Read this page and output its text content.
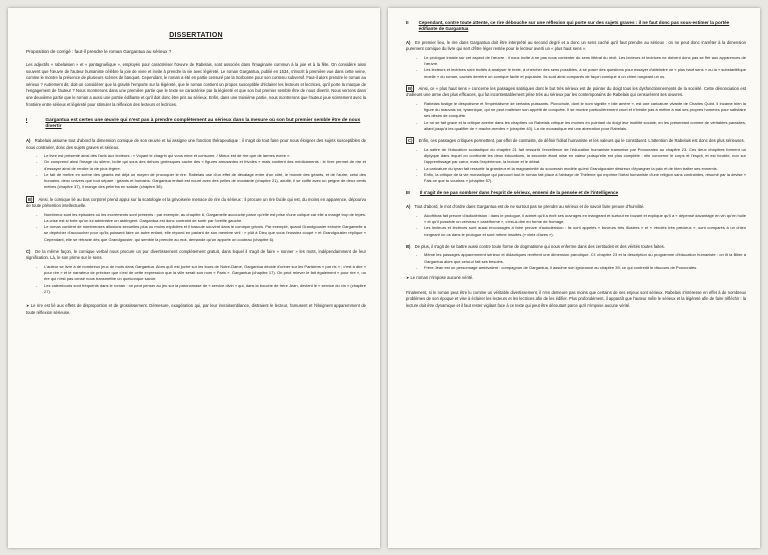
DISSERTATION
Proposition de corrigé : faut-il prendre le roman Gargantua au sérieux ?
Les adjectifs « rabelaisien » et « pantagruélique », employés pour caractériser l'œuvre de Rabelais, sont associés dans l'imaginaire commun à la joie et à la fête. On considère ainsi souvent que l'œuvre de l'auteur humaniste célèbre la joie de vivre et invite à prendre la vie avec légèreté. Le roman Gargantua, publié en 1534, s'inscrit à première vue dans cette veine, comme le montre la présence de plusieurs scènes de banquet. Cependant, le roman a été en partie censuré par la Sorbonne pour son contenu subversif. Faut-il alors prendre le roman au sérieux ? Autrement dit, doit-on considérer que la gravité l'emporte sur la légèreté, que le roman contient un propos susceptible d'éclairer les lecteurs et lectrices, qu'il porte la marque de l'engagement de l'auteur ? Nous montrerons dans une première partie que le texte se caractérise par la légèreté et que son but premier semble être de nous divertir. Nous verrons dans une deuxième partie que le roman a aussi une portée édifiante et qu'il doit donc être pris au sérieux. Enfin, dans une troisième partie, nous montrerons que l'auteur joue scintement avec la frontière entre sérieux et légèreté pour stimuler la réflexion des lecteurs et lectrices.
I	Gargantua est certes une œuvre qui n'est pas à prendre complètement au sérieux dans la mesure où son but premier semble être de nous divertir
A) Rabelais assume tout d'abord la dimension comique de son œuvre et lui assigne une fonction thérapeutique : il s'agit de tout faire pour nous éloigner des sujets susceptibles de nous contrarier, donc des sujets graves et sérieux.
- Le livre est présenté ainsi dès l'avis aux lecteurs : « Voyant le chagrin qui vous mine et consume, / Mieux est de rire que de larmes écrire ».
- On comprend ainsi l'image du silène, boîte qui sous des dehors grotesques cache des « figures amusantes et frivoles » mais contient des médicaments : le livre permet de rire et d'essayer ainsi de rendre la vie plus légère.
- Le fait de mettre en scène des géants est déjà un moyen de provoquer le rire. Rabelais use d'un effet de décalage entre d'un côté, le monde des géants, et de l'autre, celui des humains, deux univers que tout sépare : géants et humains. Gargantua enfant est nourri avec des pelles de moutarde (chapitre 21), adulte, il se coiffe avec un peigne de deux cents mètres (chapitre 37), il mange des pèlerins en salade (chapitre 38).
B) Ainsi, le comique lié au bas corporel prend appui sur la scatologie et la grivoiserie menace de rire du sérieux : il procure un rire facile qui est, du moins en apparence, dépourvu de toute prétention intellectuelle.
- Nombreux sont les épisodes où les excréments sont présents : par exemple, au chapitre 6, Gargamelle accouche parce qu'elle est prise d'une colique car elle a mangé trop de tripes. La crise est si forte qu'on lui administre un astringent. Gargantua est donc contraint de sortir par l'oreille gauche.
- Le roman contient de nombreuses allusions sexuelles plus ou moins explicites et il bascule souvent dans le comique grivois. Par exemple, quand Grandgousier exhorte Gargamelle à se dépêcher d'accoucher pour qu'ils puissent faire un autre enfant, elle répond en parlant de son membre viril : « plût à Dieu que vous l'eussiez coupé » et Grandgousier réplique « Cependant, elle se rétracte dès que Grandgousier, qui semble la prendre au mot, demande qu'on apporte un couteau (chapitre 6).
C) De la même façon, le comique verbal nous procure un pur divertissement complètement gratuit, dans lequel il s'agit de faire « sonner » les mots, indépendamment de leur signification. Là, le son prime sur le sens.
- L'auteur se livre à de nombreux jeux de mots dans Gargantua. Alors qu'il est juché sur les tours de Notre-Dame, Gargantua décide d'uriner sur les Parisiens « par ris » ; c'est à dire « pour rire » et le narrateur de préciser que c'est de cette expression que la ville serait son nom « Paris ». Gargantua (chapitre 17). On peut relever le fait également « pour rire », un rire qui n'est pas censé nous transmettre un quelconque savoir.
- Les calembours sont fréquents dans le roman : on peut penser au jeu sur la paronomase de « service divin » qui, dans la bouche de frère Jean, devient le « service du vin » (chapitre 27).
➤ Le rire est lié aux effets de disproportion et de grossissement. Démesure, exagération qui, par leur invraisemblance, distraient le lecteur, l'amusent et l'éloignent apparemment de toute réflexion sérieuse.
II Cependant, contre toute attente, ce rire débouche sur une réflexion qui porte sur des sujets graves : il ne faut donc pas sous-estimer la portée édifiante de Gargantua
A) En premier lieu, le rire dans Gargantua doit être interprété au second degré et a donc un sens caché qu'il faut prendre au sérieux : on ne peut donc s'arrêter à la dimension purement comique du livre qui sert d'être léger restée pour le lecteur averti un « plus haut sens ».
- Le prologue insiste sur cet aspect de l'œuvre : il nous invite à ne pas nous contenter du sens littéral du récit. Les lecteurs et lectrices ne doivent donc pas se fier aux apparences de l'œuvre.
- Les lecteurs et lectrices sont invités à analyser le texte, à chercher des sens possibles, à se poser des questions pour essayer d'atteindre ce « plus haut sens » ou la « substantifique moelle » du roman, cachés derrière un comique facile et populaire. Ils sont ainsi comparés de façon comique à un chien rongeant un os.
B) Ainsi, ce « plus haut sens » concerne les passages satiriques dont le but très sérieux est de pointer du doigt tous les dysfonctionnements de la société. Cette dénonciation est d'ailleurs une arme des plus efficaces, qui fut incontestablement prise très au sérieux par les contemporains de Rabelais qui censurèrent ses œuvres.
- Rabelais fustige le despotisme et l'impérialisme de certains puissants. Picrochole, dont le nom signifie « bile amère », est une caricature vivante de Charles Quint. Il incarne bien la figure du mauvais roi, tyrannique, qui ne peut maîtriser son appétit de conquête. Il se montre particulièrement cruel et n'hésite pas à mettre à mal ses propres hommes pour satisfaire ses désirs de conquête.
- Le roi se fait grave et la critique acerbe dans les chapitres où Rabelais critique les moines en pointant du doigt leur inutilité sociale, en les présentant comme de véritables parasites, aliant jusqu'à les qualifier de « mache-merdes » (chapitre 40). La vie monastique est une aberration pour Rabelais.
C) Enfin, ces passages critiques permettent, par effet de contraste, de définir l'idéal humaniste et les valeurs qui le constituent. L'attention de Rabelais est donc des plus sérieuses.
- La satire de l'éducation scolastique du chapitre 21 fait ressortir l'excellence de l'éducation humaniste transmise par Ponocrates au chapitre 23. Ces deux chapitres forment un diptyque dans lequel on confronte les deux éducations, la seconde étant mise en valeur puisqu'elle est plus complète : elle concerne le corps et l'esprit, et est fondée, non sur l'apprentissage par cœur, mais l'expérience, la lecture et le débat.
- La caricature du tyran fait ressortir la grandeur et la magnanimité du souverain modèle qu'est Grandgousier désireux d'épargner la paix et de bien traiter ses ennemis.
- Enfin, la critique de la vie monastique qui parcourt tout le roman fait place à l'abbaye de Thélème qui exprime l'idéal humaniste d'une religion sans contraintes, résumé par la devise « Fais ce que tu voudras » (chapitre 57).
III Il s'agit de ne pas sombrer dans l'esprit de sérieux, ennemi de la pensée et de l'intelligence
A) Tout d'abord, le mot d'ordre dans Gargantua est de ne surtout pas se prendre au sérieux et de savoir faire preuve d'humilité.
- Alcofribas fait preuve d'autodérision : dans le prologue, il admet qu'il a écrit ses ouvrages en mangeant et surtout en buvant et explique qu'il a « dépensé davantage en vin qu'en huile » et qu'il possède un cerveau « caséiforme », c'est-à-dire en forme de fromage.
- Les lecteurs et lectrices sont aussi encouragés à faire preuve d'autodérision : ils sont appelés « buveurs très illustres » et « vérolés très précieux », sont comparés à un chien rongeant un os dans le prologue et sont même insultés (« vietz d'azes »).
B) De plus, il s'agit de se battre aussi contre toute forme de dogmatisme qui nous enferme dans des certitudes et des vérités toutes faites.
- Même les passages apparemment sérieux et didactiques revêtent une dimension parodique. Cf. chapitre 23 et la description du programme d'éducation humaniste : on lit la Bible à Gargantua alors que celui-ci fait ses besoins.
- Frère Jean est un personnage ambivalent : compagnon de Gargantua, il assume son ignorance au chapitre 39, ce qui contredit le discours de Ponocrates.
➤ Le roman n'impose aucune vérité.
Finalement, si le roman peut être lu comme un véritable divertissement, il n'en demeure pas moins que certains de ses enjeux sont sérieux. Rabelais s'intéresse en effet à de nombreux problèmes de son époque et vise à éclairer les lecteurs et les lectrices afin de les édifier. Plus profondément, il apparaît que l'auteur mêle le sérieux et la légèreté afin de faire réfléchir : la lecture doit être dynamique et il faut rester vigilant face à ce texte qui peut être déroutant parce qu'il n'impose aucune vérité.
